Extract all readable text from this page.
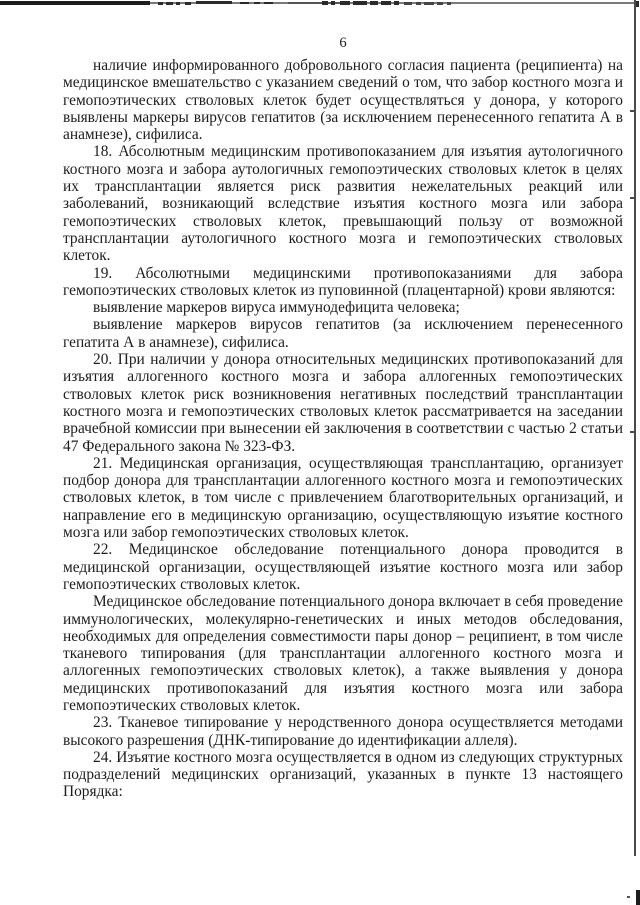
6

наличие информированного добровольного согласия пациента (реципиента) на медицинское вмешательство с указанием сведений о том, что забор костного мозга и гемопоэтических стволовых клеток будет осуществляться у донора, у которого выявлены маркеры вирусов гепатитов (за исключением перенесенного гепатита А в анамнезе), сифилиса.

18. Абсолютным медицинским противопоказанием для изъятия аутологичного костного мозга и забора аутологичных гемопоэтических стволовых клеток в целях их трансплантации является риск развития нежелательных реакций или заболеваний, возникающий вследствие изъятия костного мозга или забора гемопоэтических стволовых клеток, превышающий пользу от возможной трансплантации аутологичного костного мозга и гемопоэтических стволовых клеток.

19. Абсолютными медицинскими противопоказаниями для забора гемопоэтических стволовых клеток из пуповинной (плацентарной) крови являются:

выявление маркеров вируса иммунодефицита человека;

выявление маркеров вирусов гепатитов (за исключением перенесенного гепатита А в анамнезе), сифилиса.

20. При наличии у донора относительных медицинских противопоказаний для изъятия аллогенного костного мозга и забора аллогенных гемопоэтических стволовых клеток риск возникновения негативных последствий трансплантации костного мозга и гемопоэтических стволовых клеток рассматривается на заседании врачебной комиссии при вынесении ей заключения в соответствии с частью 2 статьи 47 Федерального закона № 323-ФЗ.

21. Медицинская организация, осуществляющая трансплантацию, организует подбор донора для трансплантации аллогенного костного мозга и гемопоэтических стволовых клеток, в том числе с привлечением благотворительных организаций, и направление его в медицинскую организацию, осуществляющую изъятие костного мозга или забор гемопоэтических стволовых клеток.

22. Медицинское обследование потенциального донора проводится в медицинской организации, осуществляющей изъятие костного мозга или забор гемопоэтических стволовых клеток.

Медицинское обследование потенциального донора включает в себя проведение иммунологических, молекулярно-генетических и иных методов обследования, необходимых для определения совместимости пары донор – реципиент, в том числе тканевого типирования (для трансплантации аллогенного костного мозга и аллогенных гемопоэтических стволовых клеток), а также выявления у донора медицинских противопоказаний для изъятия костного мозга или забора гемопоэтических стволовых клеток.

23. Тканевое типирование у неродственного донора осуществляется методами высокого разрешения (ДНК-типирование до идентификации аллеля).

24. Изъятие костного мозга осуществляется в одном из следующих структурных подразделений медицинских организаций, указанных в пункте 13 настоящего Порядка:
